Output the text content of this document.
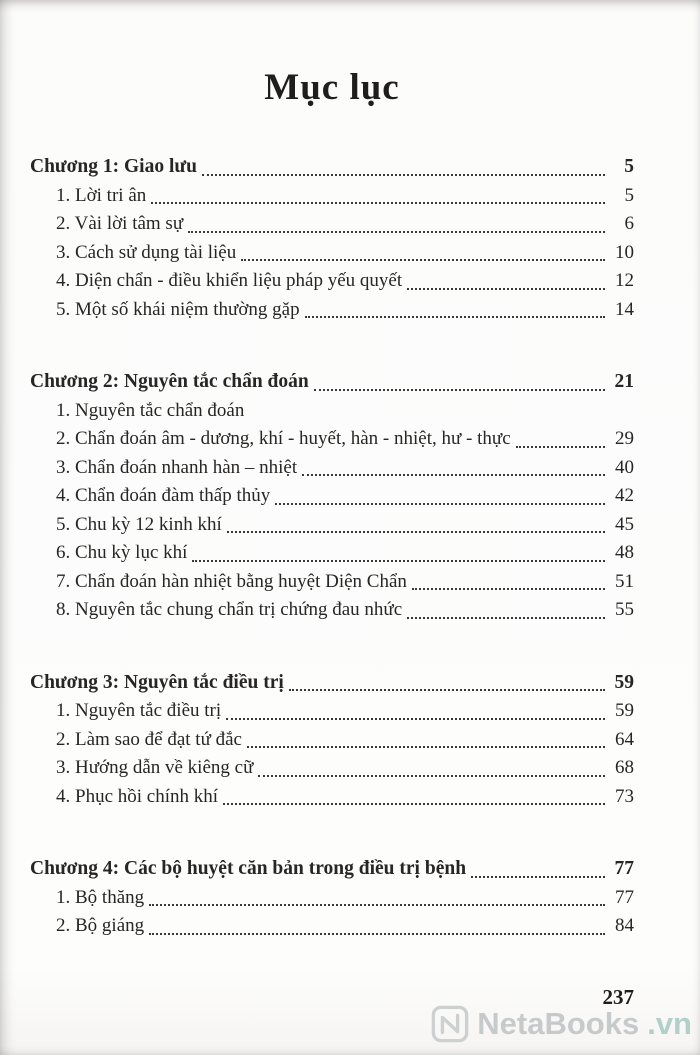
Mục lục
Chương 1: Giao lưu	5
1. Lời tri ân	5
2. Vài lời tâm sự	6
3. Cách sử dụng tài liệu	10
4. Diện chẩn - điều khiển liệu pháp yếu quyết	12
5. Một số khái niệm thường gặp	14
Chương 2: Nguyên tắc chẩn đoán	21
1. Nguyên tắc chẩn đoán
2. Chẩn đoán âm - dương, khí - huyết, hàn - nhiệt, hư - thực	29
3. Chẩn đoán nhanh hàn – nhiệt	40
4. Chẩn đoán đàm thấp thủy	42
5. Chu kỳ 12 kinh khí	45
6. Chu kỳ lục khí	48
7. Chẩn đoán hàn nhiệt bằng huyệt Diện Chẩn	51
8. Nguyên tắc chung chẩn trị chứng đau nhức	55
Chương 3: Nguyên tắc điều trị	59
1. Nguyên tắc điều trị	59
2. Làm sao để đạt tứ đắc	64
3. Hướng dẫn về kiêng cữ	68
4. Phục hồi chính khí	73
Chương 4: Các bộ huyệt căn bản trong điều trị bệnh	77
1. Bộ thăng	77
2. Bộ giáng	84
237
NetaBooks .vn
